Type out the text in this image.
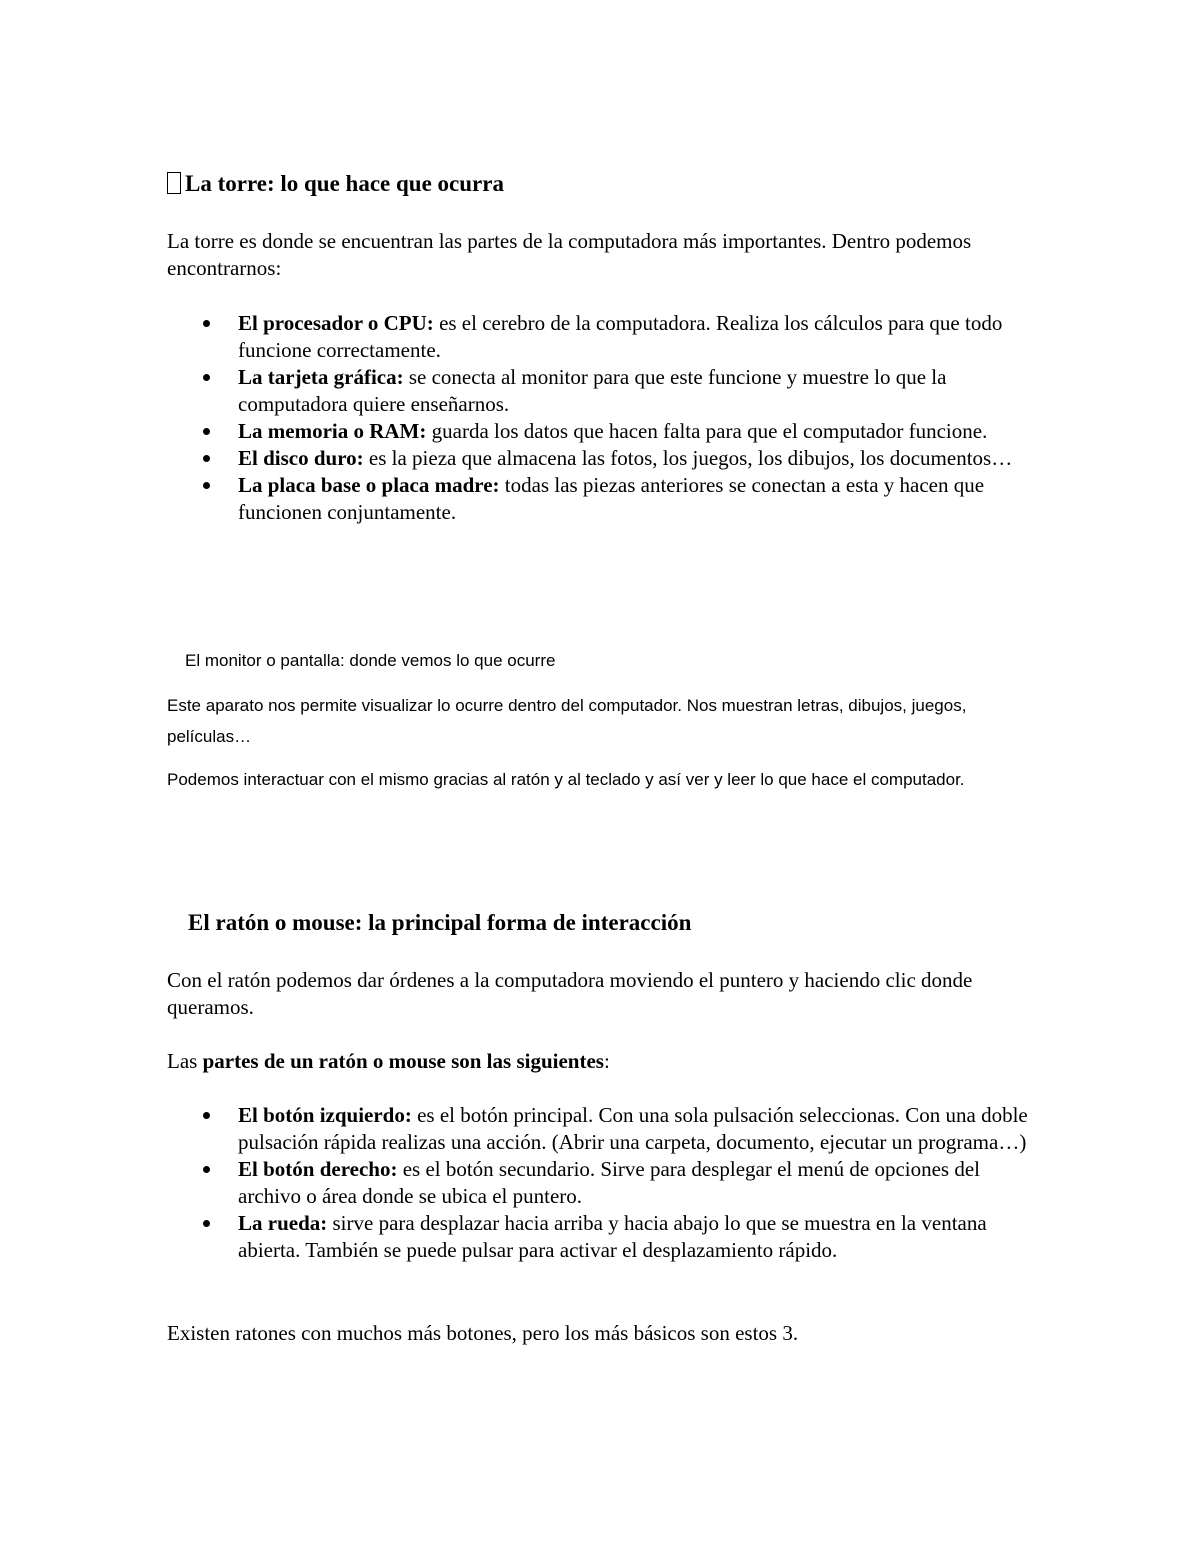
La torre: lo que hace que ocurra

La torre es donde se encuentran las partes de la computadora más importantes. Dentro podemos encontrarnos:

El procesador o CPU: es el cerebro de la computadora. Realiza los cálculos para que todo funcione correctamente.
La tarjeta gráfica: se conecta al monitor para que este funcione y muestre lo que la computadora quiere enseñarnos.
La memoria o RAM: guarda los datos que hacen falta para que el computador funcione.
El disco duro: es la pieza que almacena las fotos, los juegos, los dibujos, los documentos…
La placa base o placa madre: todas las piezas anteriores se conectan a esta y hacen que funcionen conjuntamente.

El monitor o pantalla: donde vemos lo que ocurre

Este aparato nos permite visualizar lo ocurre dentro del computador. Nos muestran letras, dibujos, juegos, películas…

Podemos interactuar con el mismo gracias al ratón y al teclado y así ver y leer lo que hace el computador.

El ratón o mouse: la principal forma de interacción

Con el ratón podemos dar órdenes a la computadora moviendo el puntero y haciendo clic donde queramos.

Las partes de un ratón o mouse son las siguientes:

El botón izquierdo: es el botón principal. Con una sola pulsación seleccionas. Con una doble pulsación rápida realizas una acción. (Abrir una carpeta, documento, ejecutar un programa…)
El botón derecho: es el botón secundario. Sirve para desplegar el menú de opciones del archivo o área donde se ubica el puntero.
La rueda: sirve para desplazar hacia arriba y hacia abajo lo que se muestra en la ventana abierta. También se puede pulsar para activar el desplazamiento rápido.

Existen ratones con muchos más botones, pero los más básicos son estos 3.
